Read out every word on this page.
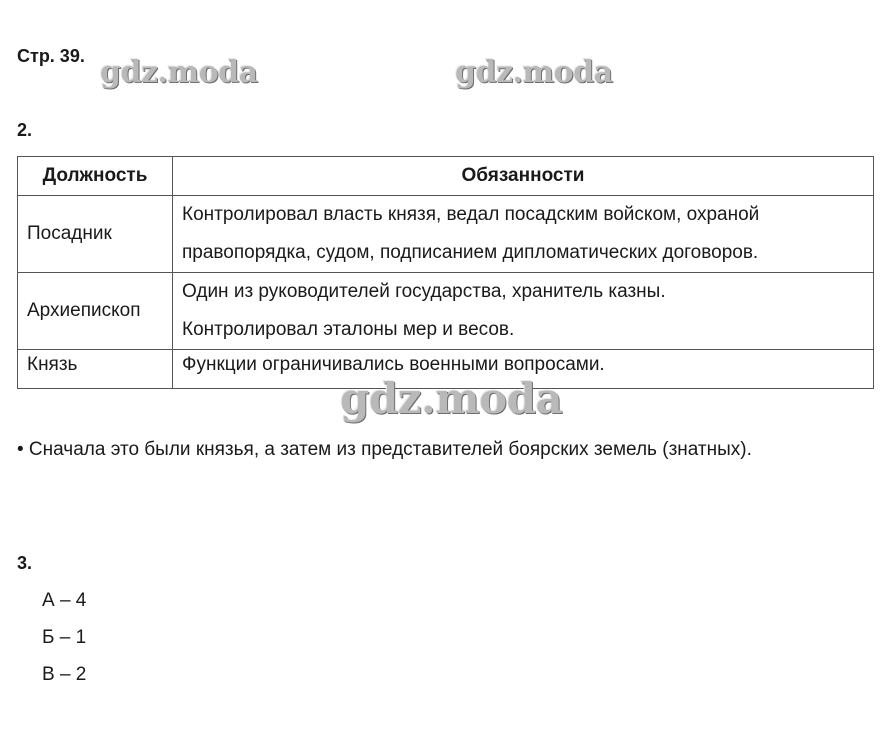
Стр. 39. gdz.moda	gdz.moda
2.
Должность	Обязанности
Посадник	Контролировал власть князя, ведал посадским войском, охраной
правопорядка, судом, подписанием дипломатических договоров.

Архиепископ	Один из руководителей государства, хранитель казны.
Контролировал эталоны мер и весов.

Князь	Функции ограничивались военными вопросами.
gdz.moda
• Сначала это были князья, а затем из представителей боярских земель (знатных).
3.
А – 4
Б – 1
В – 2
